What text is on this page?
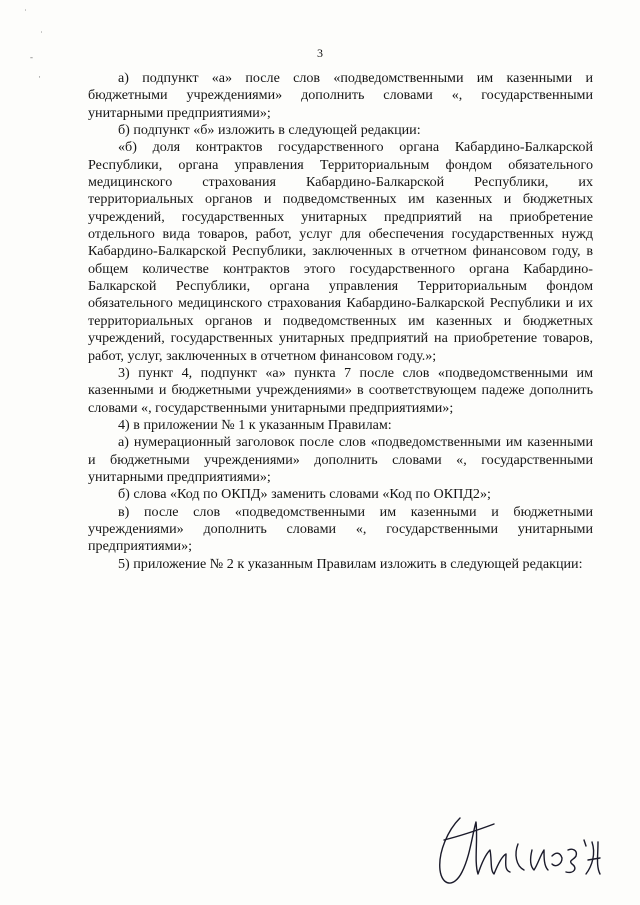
˙
˙
-
·
3

а) подпункт «а» после слов «подведомственными им казенными и бюджетными учреждениями» дополнить словами «, государственными унитарными предприятиями»;

б) подпункт «б» изложить в следующей редакции:

«б) доля контрактов государственного органа Кабардино-Балкарской Республики, органа управления Территориальным фондом обязательного медицинского страхования Кабардино-Балкарской Республики, их территориальных органов и подведомственных им казенных и бюджетных учреждений, государственных унитарных предприятий на приобретение отдельного вида товаров, работ, услуг для обеспечения государственных нужд Кабардино-Балкарской Республики, заключенных в отчетном финансовом году, в общем количестве контрактов этого государственного органа Кабардино-Балкарской Республики, органа управления Территориальным фондом обязательного медицинского страхования Кабардино-Балкарской Республики и их территориальных органов и подведомственных им казенных и бюджетных учреждений, государственных унитарных предприятий на приобретение товаров, работ, услуг, заключенных в отчетном финансовом году.»;

3) пункт 4, подпункт «а» пункта 7 после слов «подведомственными им казенными и бюджетными учреждениями» в соответствующем падеже дополнить словами «, государственными унитарными предприятиями»;

4) в приложении № 1 к указанным Правилам:

а) нумерационный заголовок после слов «подведомственными им казенными и бюджетными учреждениями» дополнить словами «, государственными унитарными предприятиями»;

б) слова «Код по ОКПД» заменить словами «Код по ОКПД2»;

в) после слов «подведомственными им казенными и бюджетными учреждениями» дополнить словами «, государственными унитарными предприятиями»;

5) приложение № 2 к указанным Правилам изложить в следующей редакции:
